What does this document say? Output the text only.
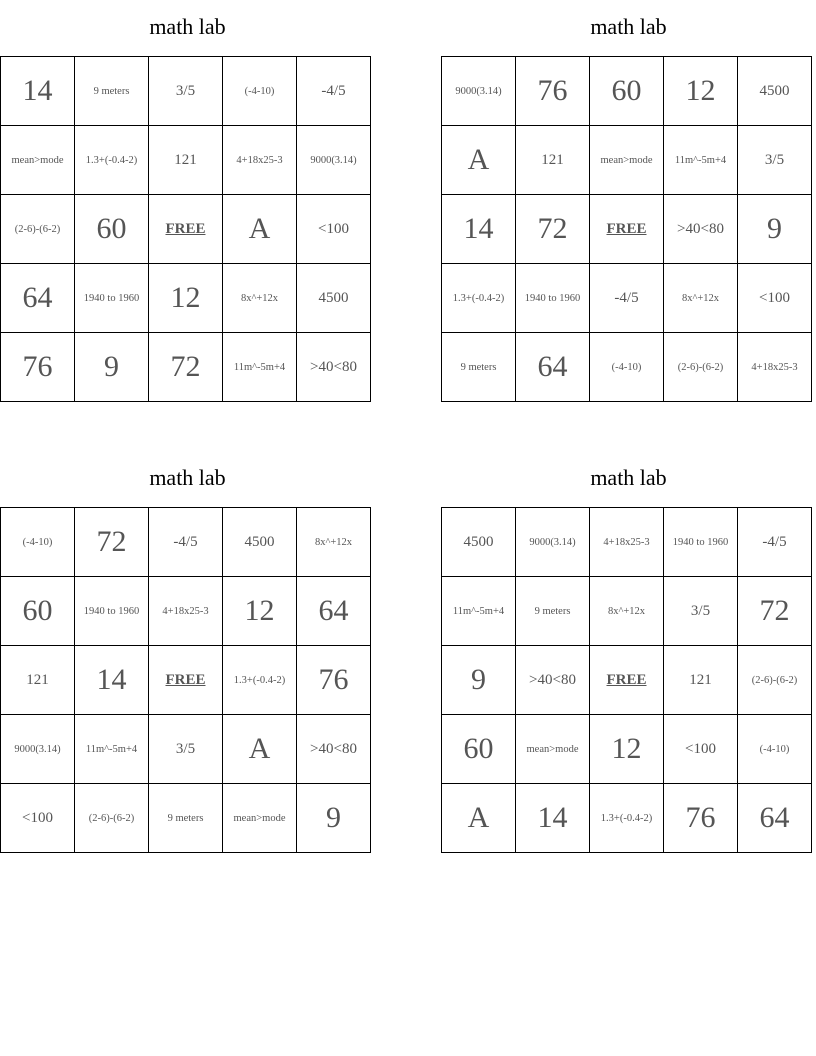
math lab
14	9 meters	3/5	(-4-10)	-4/5
mean>mode	1.3+(-0.4-2)	121	4+18x25-3	9000(3.14)
(2-6)-(6-2)	60	FREE	A	<100
64	1940 to 1960	12	8x^+12x	4500
76	9	72	11m^-5m+4	>40<80
math lab
9000(3.14)	76	60	12	4500
A	121	mean>mode	11m^-5m+4	3/5
14	72	FREE	>40<80	9
1.3+(-0.4-2)	1940 to 1960	-4/5	8x^+12x	<100
9 meters	64	(-4-10)	(2-6)-(6-2)	4+18x25-3
math lab
(-4-10)	72	-4/5	4500	8x^+12x
60	1940 to 1960	4+18x25-3	12	64
121	14	FREE	1.3+(-0.4-2)	76
9000(3.14)	11m^-5m+4	3/5	A	>40<80
<100	(2-6)-(6-2)	9 meters	mean>mode	9
math lab
4500	9000(3.14)	4+18x25-3	1940 to 1960	-4/5
11m^-5m+4	9 meters	8x^+12x	3/5	72
9	>40<80	FREE	121	(2-6)-(6-2)
60	mean>mode	12	<100	(-4-10)
A	14	1.3+(-0.4-2)	76	64
